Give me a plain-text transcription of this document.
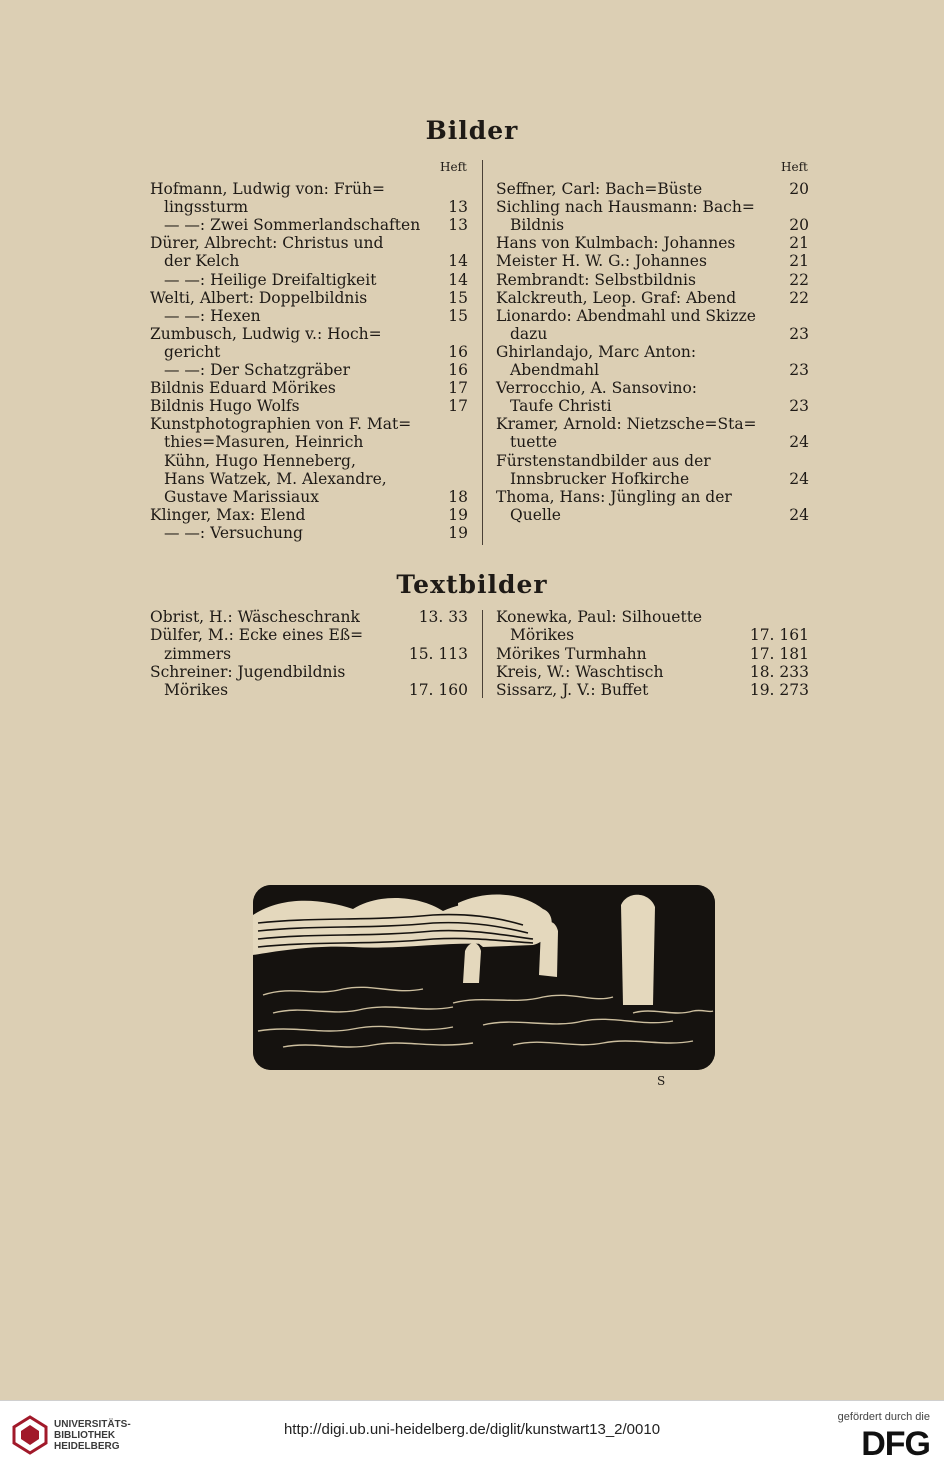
Bilder
Heft	Heft
Hofmann, Ludwig von: Früh=
lingssturm	13
— —: Zwei Sommerlandschaften 13
Dürer, Albrecht: Christus und
der Kelch	14
— —: Heilige Dreifaltigkeit	14
Welti, Albert: Doppelbildnis	15
— —: Hexen	15
Zumbusch, Ludwig v.: Hoch=
gericht	16
— —: Der Schatzgräber	16
Bildnis Eduard Mörikes	17
Bildnis Hugo Wolfs	17
Kunstphotographien von F. Mat=
thies=Masuren, Heinrich
Kühn, Hugo Henneberg,
Hans Watzek, M. Alexandre,
Gustave Marissiaux	18
Klinger, Max: Elend	19
— —: Versuchung	19
Seffner, Carl: Bach=Büste	20
Sichling nach Hausmann: Bach=
Bildnis	20
Hans von Kulmbach: Johannes	21
Meister H. W. G.: Johannes	21
Rembrandt: Selbstbildnis	22
Kalckreuth, Leop. Graf: Abend	22
Lionardo: Abendmahl und Skizze
dazu	23
Ghirlandajo, Marc Anton:
Abendmahl	23
Verrocchio, A. Sansovino:
Taufe Christi	23
Kramer, Arnold: Nietzsche=Sta=
tuette	24
Fürstenstandbilder aus der
Innsbrucker Hofkirche	24
Thoma, Hans: Jüngling an der
Quelle	24
Textbilder
Obrist, H.: Wäscheschrank	13. 33
Dülfer, M.: Ecke eines Eß=
zimmers	15. 113
Schreiner: Jugendbildnis
Mörikes	17. 160
Konewka, Paul: Silhouette
Mörikes	17. 161
Mörikes Turmhahn	17. 181
Kreis, W.: Waschtisch	18. 233
Sissarz, J. V.: Buffet	19. 273
S
UNIVERSITÄTS-
BIBLIOTHEK
HEIDELBERG
http://digi.ub.uni-heidelberg.de/diglit/kunstwart13_2/0010
gefördert durch die
DFG
